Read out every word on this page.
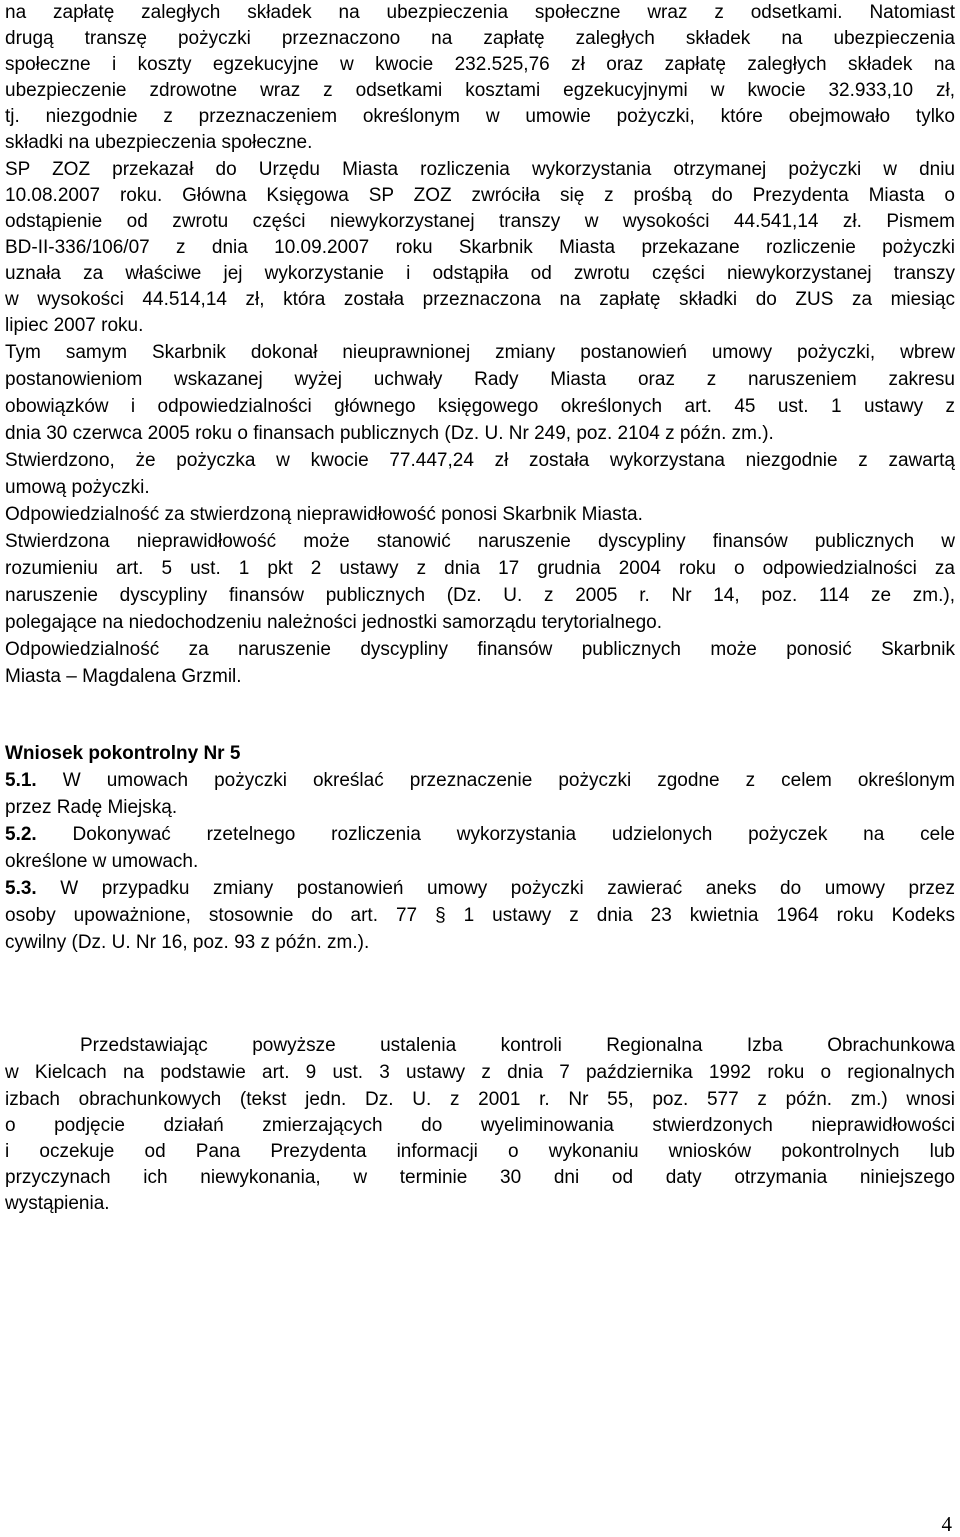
na zapłatę zaległych składek na ubezpieczenia społeczne wraz z odsetkami. Natomiast
drugą transzę pożyczki przeznaczono na zapłatę zaległych składek na ubezpieczenia
społeczne i koszty egzekucyjne w kwocie 232.525,76 zł oraz zapłatę zaległych składek na
ubezpieczenie zdrowotne wraz z odsetkami kosztami egzekucyjnymi w kwocie 32.933,10 zł,
tj. niezgodnie z przeznaczeniem określonym w umowie pożyczki, które obejmowało tylko
składki na ubezpieczenia społeczne.
SP ZOZ przekazał do Urzędu Miasta rozliczenia wykorzystania otrzymanej pożyczki w dniu
10.08.2007 roku. Główna Księgowa SP ZOZ zwróciła się z prośbą do Prezydenta Miasta o
odstąpienie od zwrotu części niewykorzystanej transzy w wysokości 44.541,14 zł. Pismem
BD-II-336/106/07 z dnia 10.09.2007 roku Skarbnik Miasta przekazane rozliczenie pożyczki
uznała za właściwe jej wykorzystanie i odstąpiła od zwrotu części niewykorzystanej transzy
w wysokości 44.514,14 zł, która została przeznaczona na zapłatę składki do ZUS za miesiąc
lipiec 2007 roku.
Tym samym Skarbnik dokonał nieuprawnionej zmiany postanowień umowy pożyczki, wbrew
postanowieniom wskazanej wyżej uchwały Rady Miasta oraz z naruszeniem zakresu
obowiązków i odpowiedzialności głównego księgowego określonych art. 45 ust. 1 ustawy z
dnia 30 czerwca 2005 roku o finansach publicznych (Dz. U. Nr 249, poz. 2104 z późn. zm.).
Stwierdzono, że pożyczka w kwocie 77.447,24 zł została wykorzystana niezgodnie z zawartą
umową pożyczki.
Odpowiedzialność za stwierdzoną nieprawidłowość ponosi Skarbnik Miasta.
Stwierdzona nieprawidłowość może stanowić naruszenie dyscypliny finansów publicznych w
rozumieniu art. 5 ust. 1 pkt 2 ustawy z dnia 17 grudnia 2004 roku o odpowiedzialności za
naruszenie dyscypliny finansów publicznych (Dz. U. z 2005 r. Nr 14, poz. 114 ze zm.),
polegające na niedochodzeniu należności jednostki samorządu terytorialnego.
Odpowiedzialność za naruszenie dyscypliny finansów publicznych może ponosić Skarbnik
Miasta – Magdalena Grzmil.
Wniosek pokontrolny Nr 5
5.1. W umowach pożyczki określać przeznaczenie pożyczki zgodne z celem określonym
przez Radę Miejską.
5.2. Dokonywać rzetelnego rozliczenia wykorzystania udzielonych pożyczek na cele
określone w umowach.
5.3. W przypadku zmiany postanowień umowy pożyczki zawierać aneks do umowy przez
osoby upoważnione, stosownie do art. 77 § 1 ustawy z dnia 23 kwietnia 1964 roku Kodeks
cywilny (Dz. U. Nr 16, poz. 93 z późn. zm.).
Przedstawiając powyższe ustalenia kontroli Regionalna Izba Obrachunkowa
w Kielcach na podstawie art. 9 ust. 3 ustawy z dnia 7 października 1992 roku o regionalnych
izbach obrachunkowych (tekst jedn. Dz. U. z 2001 r. Nr 55, poz. 577 z późn. zm.) wnosi
o podjęcie działań zmierzających do wyeliminowania stwierdzonych nieprawidłowości
i oczekuje od Pana Prezydenta informacji o wykonaniu wniosków pokontrolnych lub
przyczynach ich niewykonania, w terminie 30 dni od daty otrzymania niniejszego
wystąpienia.
4
